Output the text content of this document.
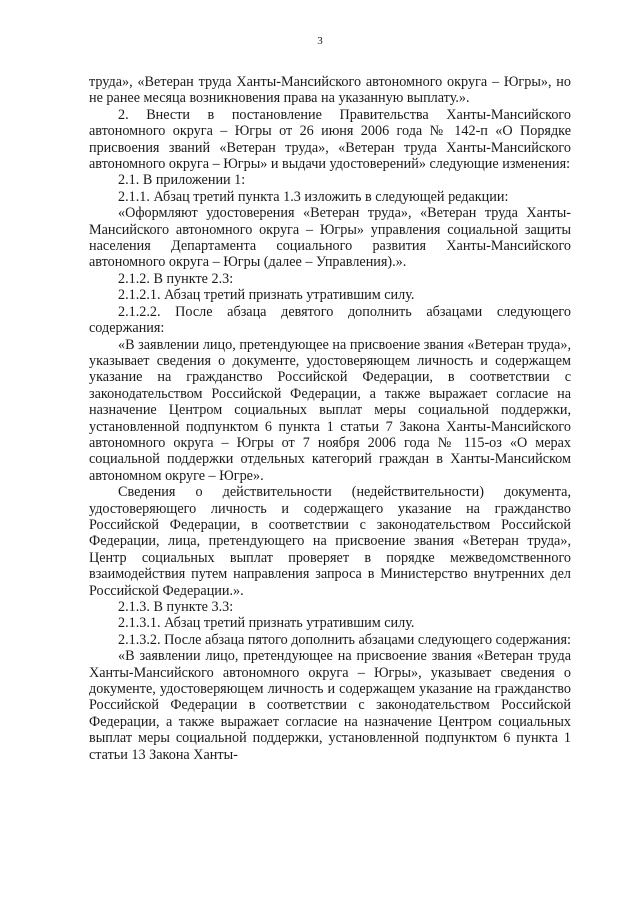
3

труда», «Ветеран труда Ханты-Мансийского автономного округа – Югры», но не ранее месяца возникновения права на указанную выплату.».

2. Внести в постановление Правительства Ханты-Мансийского автономного округа – Югры от 26 июня 2006 года № 142-п «О Порядке присвоения званий «Ветеран труда», «Ветеран труда Ханты-Мансийского автономного округа – Югры» и выдачи удостоверений» следующие изменения:

2.1. В приложении 1:

2.1.1. Абзац третий пункта 1.3 изложить в следующей редакции:

«Оформляют удостоверения «Ветеран труда», «Ветеран труда Ханты-Мансийского автономного округа – Югры» управления социальной защиты населения Департамента социального развития Ханты-Мансийского автономного округа – Югры (далее – Управления).».

2.1.2. В пункте 2.3:

2.1.2.1. Абзац третий признать утратившим силу.

2.1.2.2. После абзаца девятого дополнить абзацами следующего содержания:

«В заявлении лицо, претендующее на присвоение звания «Ветеран труда», указывает сведения о документе, удостоверяющем личность и содержащем указание на гражданство Российской Федерации, в соответствии с законодательством Российской Федерации, а также выражает согласие на назначение Центром социальных выплат меры социальной поддержки, установленной подпунктом 6 пункта 1 статьи 7 Закона Ханты-Мансийского автономного округа – Югры от 7 ноября 2006 года № 115-оз «О мерах социальной поддержки отдельных категорий граждан в Ханты-Мансийском автономном округе – Югре».

Сведения о действительности (недействительности) документа, удостоверяющего личность и содержащего указание на гражданство Российской Федерации, в соответствии с законодательством Российской Федерации, лица, претендующего на присвоение звания «Ветеран труда», Центр социальных выплат проверяет в порядке межведомственного взаимодействия путем направления запроса в Министерство внутренних дел Российской Федерации.».

2.1.3. В пункте 3.3:

2.1.3.1. Абзац третий признать утратившим силу.

2.1.3.2. После абзаца пятого дополнить абзацами следующего содержания:

«В заявлении лицо, претендующее на присвоение звания «Ветеран труда Ханты-Мансийского автономного округа – Югры», указывает сведения о документе, удостоверяющем личность и содержащем указание на гражданство Российской Федерации в соответствии с законодательством Российской Федерации, а также выражает согласие на назначение Центром социальных выплат меры социальной поддержки, установленной подпунктом 6 пункта 1 статьи 13 Закона Ханты-
